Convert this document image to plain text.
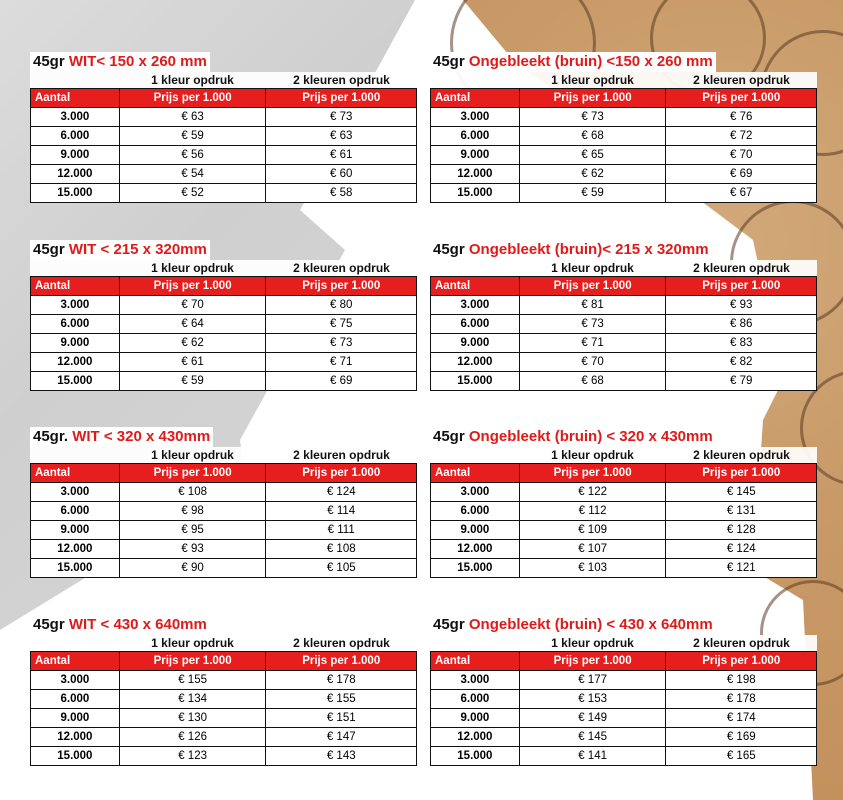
45gr WIT< 150 x 260 mm
1 kleur opdruk	2 kleuren opdruk
Aantal	Prijs per 1.000	Prijs per 1.000
3.000	€ 63	€ 73
6.000	€ 59	€ 63
9.000	€ 56	€ 61
12.000	€ 54	€ 60
15.000	€ 52	€ 58
45gr Ongebleekt (bruin) <150 x 260 mm
1 kleur opdruk	2 kleuren opdruk
Aantal	Prijs per 1.000	Prijs per 1.000
3.000	€ 73	€ 76
6.000	€ 68	€ 72
9.000	€ 65	€ 70
12.000	€ 62	€ 69
15.000	€ 59	€ 67
45gr WIT < 215 x 320mm
1 kleur opdruk	2 kleuren opdruk
Aantal	Prijs per 1.000	Prijs per 1.000
3.000	€ 70	€ 80
6.000	€ 64	€ 75
9.000	€ 62	€ 73
12.000	€ 61	€ 71
15.000	€ 59	€ 69
45gr Ongebleekt (bruin)< 215 x 320mm
1 kleur opdruk	2 kleuren opdruk
Aantal	Prijs per 1.000	Prijs per 1.000
3.000	€ 81	€ 93
6.000	€ 73	€ 86
9.000	€ 71	€ 83
12.000	€ 70	€ 82
15.000	€ 68	€ 79
45gr. WIT < 320 x 430mm
1 kleur opdruk	2 kleuren opdruk
Aantal	Prijs per 1.000	Prijs per 1.000
3.000	€ 108	€ 124
6.000	€ 98	€ 114
9.000	€ 95	€ 111
12.000	€ 93	€ 108
15.000	€ 90	€ 105
45gr Ongebleekt (bruin) < 320 x 430mm
1 kleur opdruk	2 kleuren opdruk
Aantal	Prijs per 1.000	Prijs per 1.000
3.000	€ 122	€ 145
6.000	€ 112	€ 131
9.000	€ 109	€ 128
12.000	€ 107	€ 124
15.000	€ 103	€ 121
45gr WIT < 430 x 640mm
1 kleur opdruk	2 kleuren opdruk
Aantal	Prijs per 1.000	Prijs per 1.000
3.000	€ 155	€ 178
6.000	€ 134	€ 155
9.000	€ 130	€ 151
12.000	€ 126	€ 147
15.000	€ 123	€ 143
45gr Ongebleekt (bruin) < 430 x 640mm
1 kleur opdruk	2 kleuren opdruk
Aantal	Prijs per 1.000	Prijs per 1.000
3.000	€ 177	€ 198
6.000	€ 153	€ 178
9.000	€ 149	€ 174
12.000	€ 145	€ 169
15.000	€ 141	€ 165
